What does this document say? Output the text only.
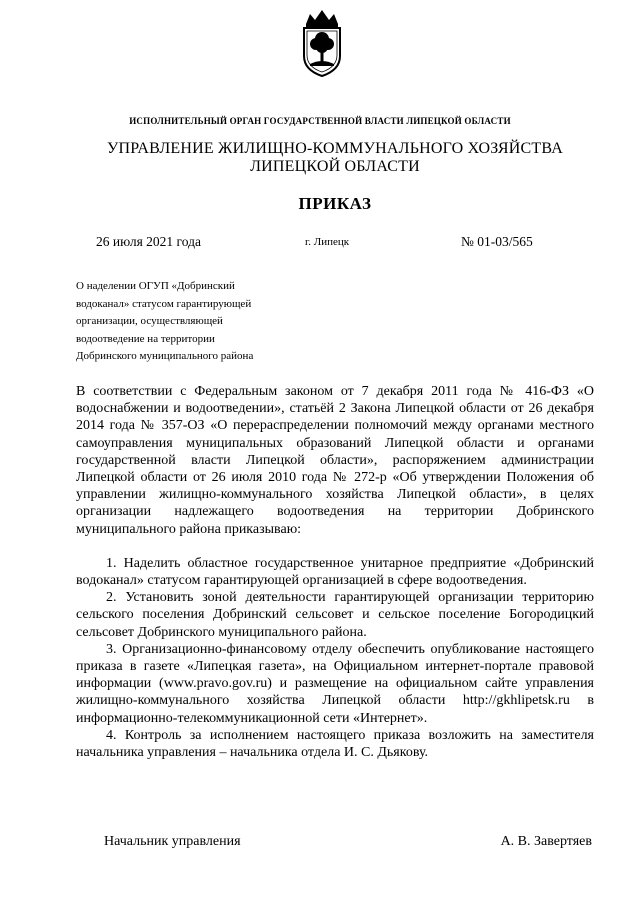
ИСПОЛНИТЕЛЬНЫЙ ОРГАН ГОСУДАРСТВЕННОЙ ВЛАСТИ ЛИПЕЦКОЙ ОБЛАСТИ
УПРАВЛЕНИЕ ЖИЛИЩНО-КОММУНАЛЬНОГО ХОЗЯЙСТВА
ЛИПЕЦКОЙ ОБЛАСТИ
ПРИКАЗ
26 июля 2021 года	г. Липецк	№ 01-03/565
О наделении ОГУП «Добринский
водоканал» статусом гарантирующей
организации, осуществляющей
водоотведение на территории
Добринского муниципального района

В соответствии с Федеральным законом от 7 декабря 2011 года № 416-ФЗ «О водоснабжении и водоотведении», статьёй 2 Закона Липецкой области от 26 декабря 2014 года № 357-ОЗ «О перераспределении полномочий между органами местного самоуправления муниципальных образований Липецкой области и органами государственной власти Липецкой области», распоряжением администрации Липецкой области от 26 июля 2010 года № 272-р «Об утверждении Положения об управлении жилищно-коммунального хозяйства Липецкой области», в целях организации надлежащего водоотведения на территории Добринского муниципального района приказываю:

1. Наделить областное государственное унитарное предприятие «Добринский водоканал» статусом гарантирующей организацией в сфере водоотведения.

2. Установить зоной деятельности гарантирующей организации территорию сельского поселения Добринский сельсовет и сельское поселение Богородицкий сельсовет Добринского муниципального района.

3. Организационно-финансовому отделу обеспечить опубликование настоящего приказа в газете «Липецкая газета», на Официальном интернет-портале правовой информации (www.pravo.gov.ru) и размещение на официальном сайте управления жилищно-коммунального хозяйства Липецкой области http://gkhlipetsk.ru в информационно-телекоммуникационной сети «Интернет».

4. Контроль за исполнением настоящего приказа возложить на заместителя начальника управления – начальника отдела И. С. Дьякову.

Начальник управления	А. В. Завертяев
